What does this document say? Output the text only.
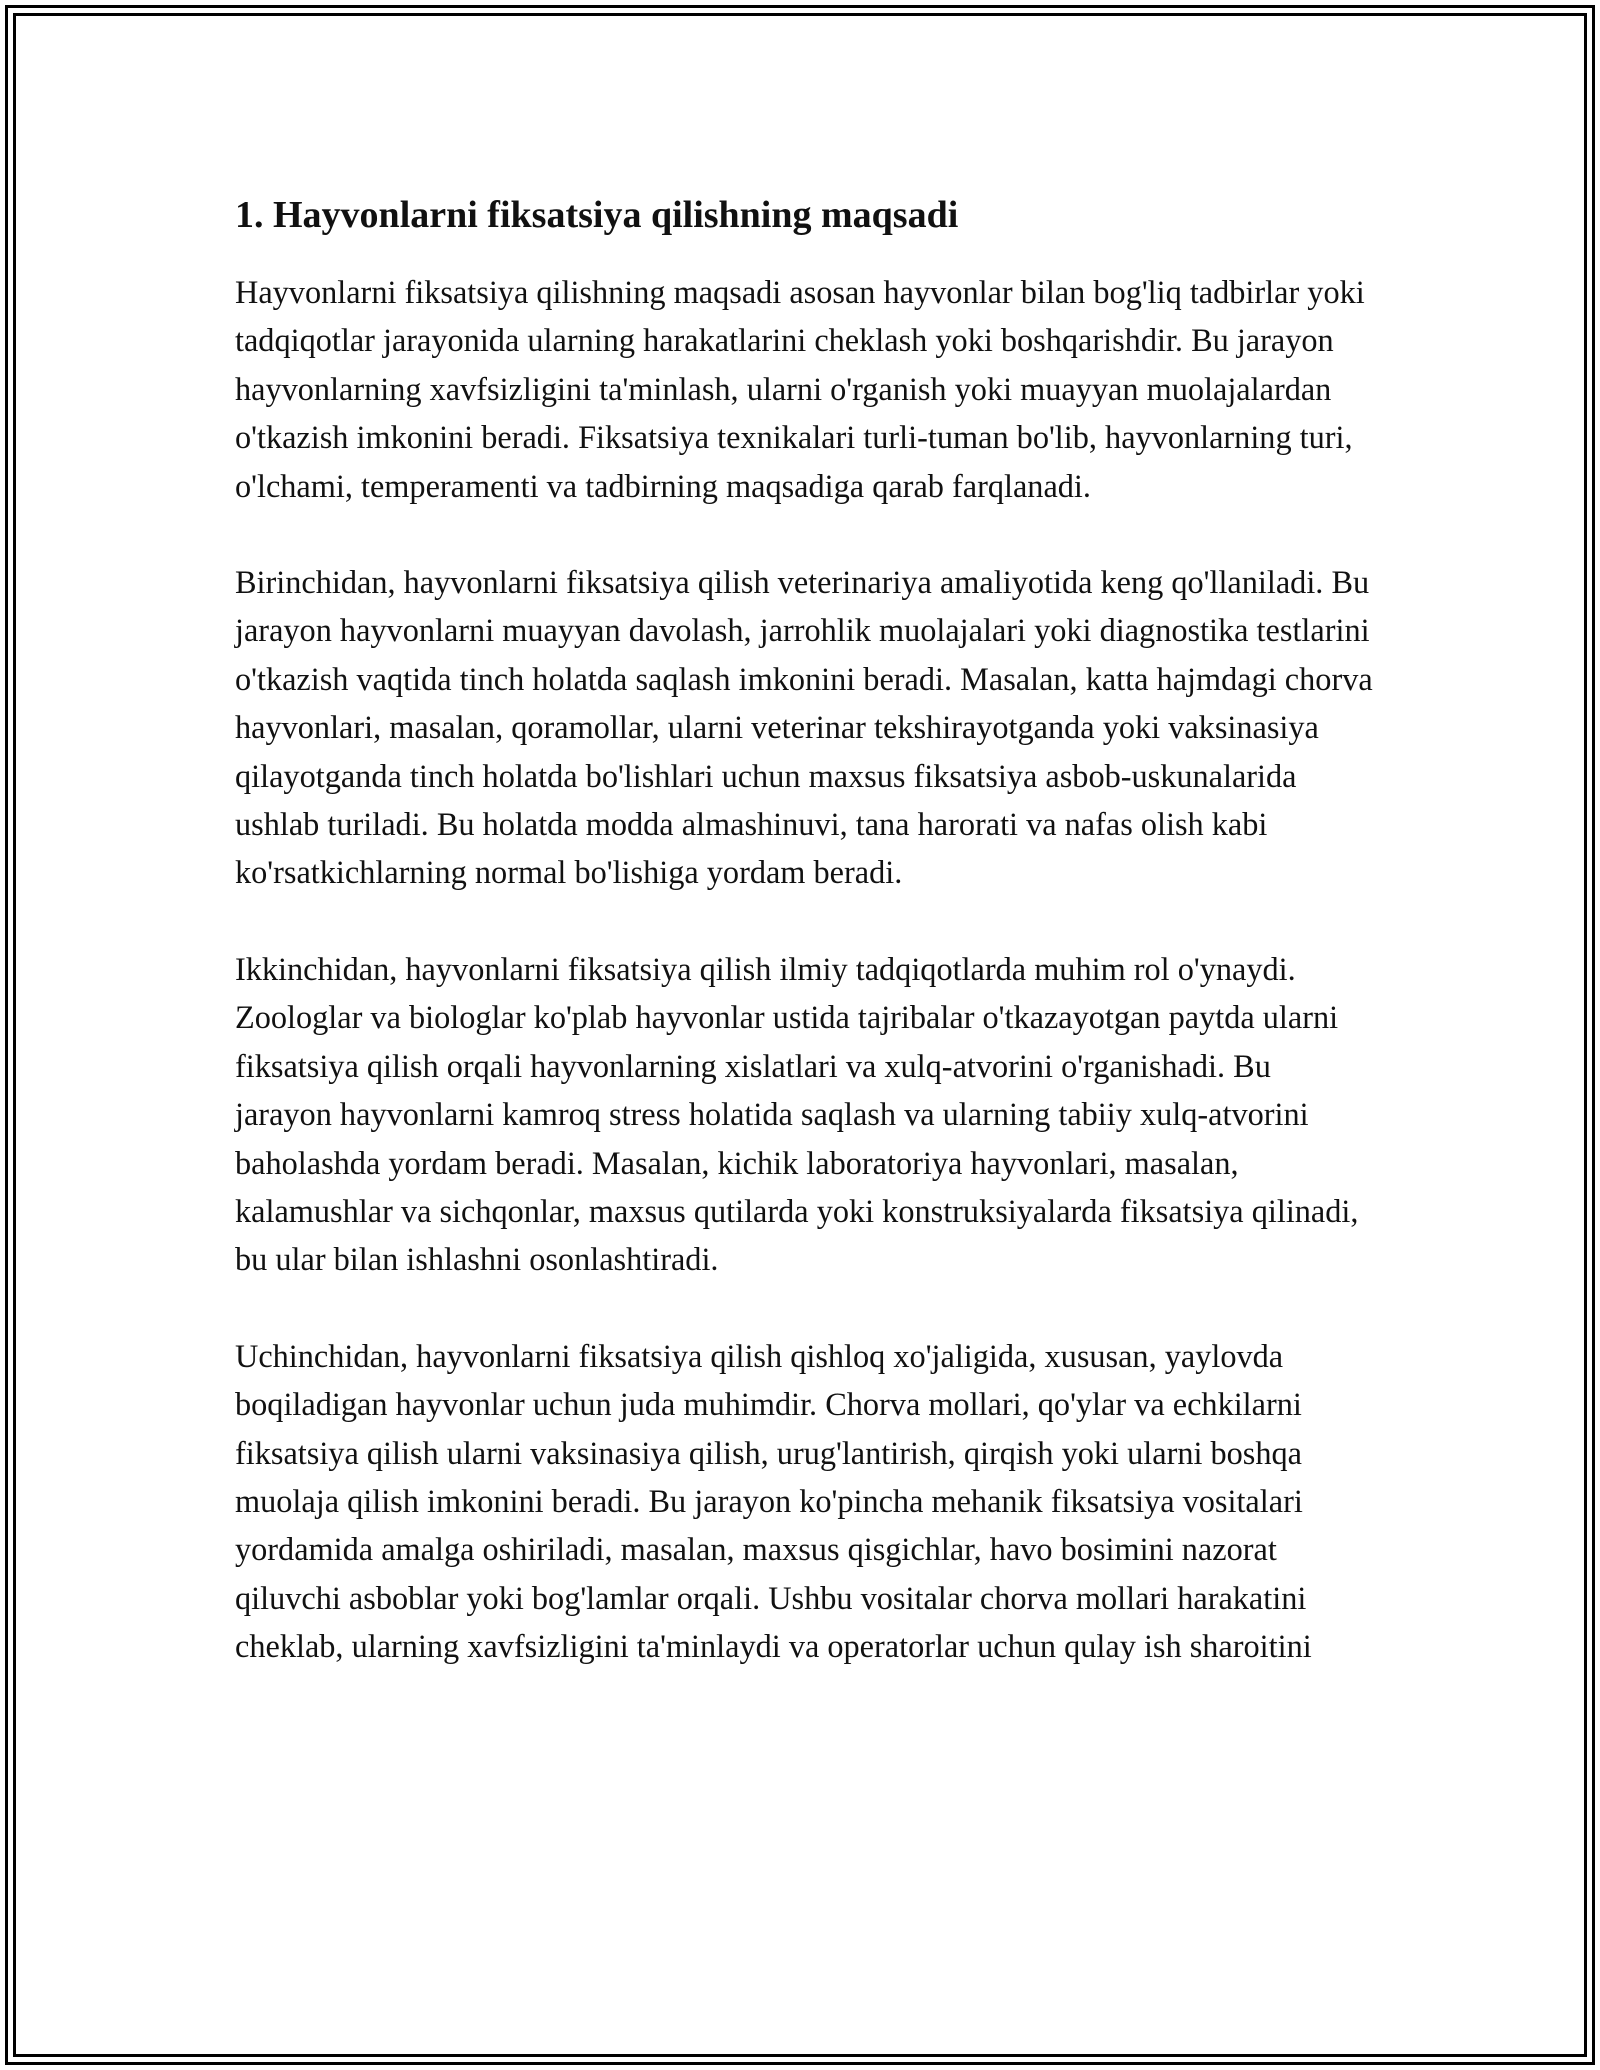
1. Hayvonlarni fiksatsiya qilishning maqsadi

Hayvonlarni fiksatsiya qilishning maqsadi asosan hayvonlar bilan bog'liq tadbirlar yoki tadqiqotlar jarayonida ularning harakatlarini cheklash yoki boshqarishdir. Bu jarayon hayvonlarning xavfsizligini ta'minlash, ularni o'rganish yoki muayyan muolajalardan o'tkazish imkonini beradi. Fiksatsiya texnikalari turli-tuman bo'lib, hayvonlarning turi, o'lchami, temperamenti va tadbirning maqsadiga qarab farqlanadi.

Birinchidan, hayvonlarni fiksatsiya qilish veterinariya amaliyotida keng qo'llaniladi. Bu jarayon hayvonlarni muayyan davolash, jarrohlik muolajalari yoki diagnostika testlarini o'tkazish vaqtida tinch holatda saqlash imkonini beradi. Masalan, katta hajmdagi chorva hayvonlari, masalan, qoramollar, ularni veterinar tekshirayotganda yoki vaksinasiya qilayotganda tinch holatda bo'lishlari uchun maxsus fiksatsiya asbob-uskunalarida ushlab turiladi. Bu holatda modda almashinuvi, tana harorati va nafas olish kabi ko'rsatkichlarning normal bo'lishiga yordam beradi.

Ikkinchidan, hayvonlarni fiksatsiya qilish ilmiy tadqiqotlarda muhim rol o'ynaydi. Zoologlar va biologlar ko'plab hayvonlar ustida tajribalar o'tkazayotgan paytda ularni fiksatsiya qilish orqali hayvonlarning xislatlari va xulq-atvorini o'rganishadi. Bu jarayon hayvonlarni kamroq stress holatida saqlash va ularning tabiiy xulq-atvorini baholashda yordam beradi. Masalan, kichik laboratoriya hayvonlari, masalan, kalamushlar va sichqonlar, maxsus qutilarda yoki konstruksiyalarda fiksatsiya qilinadi, bu ular bilan ishlashni osonlashtiradi.

Uchinchidan, hayvonlarni fiksatsiya qilish qishloq xo'jaligida, xususan, yaylovda boqiladigan hayvonlar uchun juda muhimdir. Chorva mollari, qo'ylar va echkilarni fiksatsiya qilish ularni vaksinasiya qilish, urug'lantirish, qirqish yoki ularni boshqa muolaja qilish imkonini beradi. Bu jarayon ko'pincha mehanik fiksatsiya vositalari yordamida amalga oshiriladi, masalan, maxsus qisgichlar, havo bosimini nazorat qiluvchi asboblar yoki bog'lamlar orqali. Ushbu vositalar chorva mollari harakatini cheklab, ularning xavfsizligini ta'minlaydi va operatorlar uchun qulay ish sharoitini
